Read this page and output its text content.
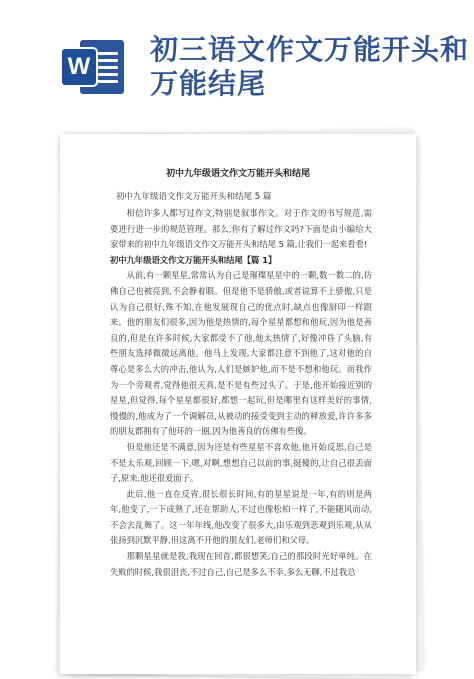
W
初三语文作文万能开头和万能结尾
初中九年级语文作文万能开头和结尾
初中九年级语文作文万能开头和结尾 5 篇

相信许多人都写过作文,特别是叙事作文。对于作文的书写规范,需要进行进一步的规范管理。那么,你有了解过作文吗?下面是由小编给大家带来的初中九年级语文作文万能开头和结尾 5 篇,让我们一起来看看!

初中九年级语文作文万能开头和结尾【篇 1】

从前,有一颗星星,常常认为自己是璀璨星星中的一颗,数一数二的,仿佛自己也被亮到,不会静着眼。但是他不是骄傲,或者说算不上骄傲,只是认为自己很好,殊不知,在他发展现自己的优点时,缺点也像厨印一样跟来。他的朋友们很多,因为他是热情的,每个星星都想和他玩,因为他是善良的,但是在许多时候,大家都受不了他,他太热情了,好像冲昏了头脑,有些朋友选择微微远离他。他马上发现,大家都注意不到他了,这对他的自尊心是多么大的冲击,他认为,人们是嫉妒他,而不是不想和他玩。而我作为一个旁观者,觉得他很天真,是不是有些过头了。于是,他开始接近别的星星,但觉得,每个星星都很好,都想一起玩,但是哪里有这样美好的事情,慢慢的,他成为了一个调解员,从被动的接受变到主动的释放爱,许许多多的朋友都拥有了他环的一圈,因为他善良的仿佛有些傻。

但是他还是不满意,因为还是有些星星不喜欢他,他开始反思,自己是不是太乐观,回顾一下,嗯,对啊,想想自己以前的事,挺傻的,让自己很丢面子,原来,他还很爱面子。

此后,他一直在反省,很长很长时间,有的星星说是一年,有的则是两年,他变了,一下成熟了,还在帮助人,不过也像松柏一样了,不能随风而动,不会去乱舞了。这一年年线,他改变了很多大,由乐观到悲观到乐观,从从张扬到沉默平静,但这离不开他的朋友们,老师们和父母。

那颗星星就是我,我现在回首,都很想笑,自己的那段时光好单纯。在失败的时候,我很沮丧,不过自己,自己是多么不幸,多么无聊,不过我总
